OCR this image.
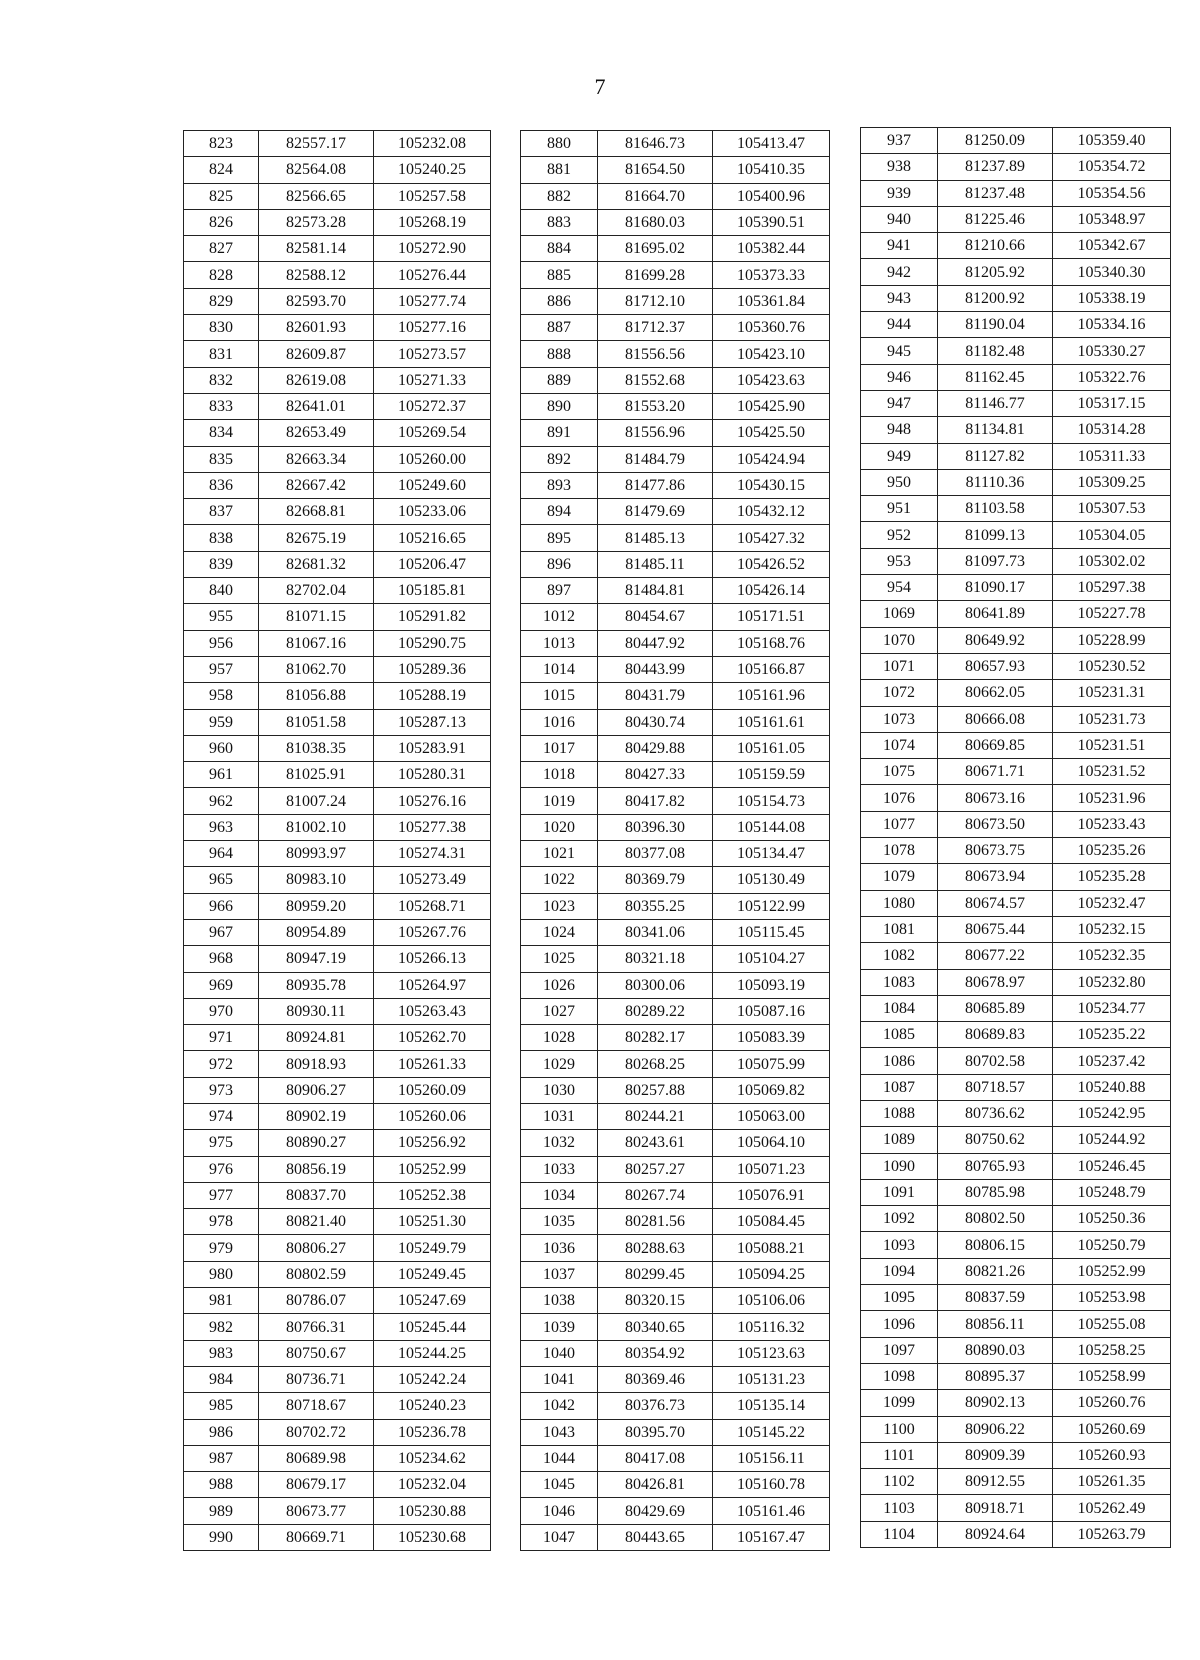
7
823	82557.17	105232.08
824	82564.08	105240.25
825	82566.65	105257.58
826	82573.28	105268.19
827	82581.14	105272.90
828	82588.12	105276.44
829	82593.70	105277.74
830	82601.93	105277.16
831	82609.87	105273.57
832	82619.08	105271.33
833	82641.01	105272.37
834	82653.49	105269.54
835	82663.34	105260.00
836	82667.42	105249.60
837	82668.81	105233.06
838	82675.19	105216.65
839	82681.32	105206.47
840	82702.04	105185.81
955	81071.15	105291.82
956	81067.16	105290.75
957	81062.70	105289.36
958	81056.88	105288.19
959	81051.58	105287.13
960	81038.35	105283.91
961	81025.91	105280.31
962	81007.24	105276.16
963	81002.10	105277.38
964	80993.97	105274.31
965	80983.10	105273.49
966	80959.20	105268.71
967	80954.89	105267.76
968	80947.19	105266.13
969	80935.78	105264.97
970	80930.11	105263.43
971	80924.81	105262.70
972	80918.93	105261.33
973	80906.27	105260.09
974	80902.19	105260.06
975	80890.27	105256.92
976	80856.19	105252.99
977	80837.70	105252.38
978	80821.40	105251.30
979	80806.27	105249.79
980	80802.59	105249.45
981	80786.07	105247.69
982	80766.31	105245.44
983	80750.67	105244.25
984	80736.71	105242.24
985	80718.67	105240.23
986	80702.72	105236.78
987	80689.98	105234.62
988	80679.17	105232.04
989	80673.77	105230.88
990	80669.71	105230.68
880	81646.73	105413.47
881	81654.50	105410.35
882	81664.70	105400.96
883	81680.03	105390.51
884	81695.02	105382.44
885	81699.28	105373.33
886	81712.10	105361.84
887	81712.37	105360.76
888	81556.56	105423.10
889	81552.68	105423.63
890	81553.20	105425.90
891	81556.96	105425.50
892	81484.79	105424.94
893	81477.86	105430.15
894	81479.69	105432.12
895	81485.13	105427.32
896	81485.11	105426.52
897	81484.81	105426.14
1012	80454.67	105171.51
1013	80447.92	105168.76
1014	80443.99	105166.87
1015	80431.79	105161.96
1016	80430.74	105161.61
1017	80429.88	105161.05
1018	80427.33	105159.59
1019	80417.82	105154.73
1020	80396.30	105144.08
1021	80377.08	105134.47
1022	80369.79	105130.49
1023	80355.25	105122.99
1024	80341.06	105115.45
1025	80321.18	105104.27
1026	80300.06	105093.19
1027	80289.22	105087.16
1028	80282.17	105083.39
1029	80268.25	105075.99
1030	80257.88	105069.82
1031	80244.21	105063.00
1032	80243.61	105064.10
1033	80257.27	105071.23
1034	80267.74	105076.91
1035	80281.56	105084.45
1036	80288.63	105088.21
1037	80299.45	105094.25
1038	80320.15	105106.06
1039	80340.65	105116.32
1040	80354.92	105123.63
1041	80369.46	105131.23
1042	80376.73	105135.14
1043	80395.70	105145.22
1044	80417.08	105156.11
1045	80426.81	105160.78
1046	80429.69	105161.46
1047	80443.65	105167.47
937	81250.09	105359.40
938	81237.89	105354.72
939	81237.48	105354.56
940	81225.46	105348.97
941	81210.66	105342.67
942	81205.92	105340.30
943	81200.92	105338.19
944	81190.04	105334.16
945	81182.48	105330.27
946	81162.45	105322.76
947	81146.77	105317.15
948	81134.81	105314.28
949	81127.82	105311.33
950	81110.36	105309.25
951	81103.58	105307.53
952	81099.13	105304.05
953	81097.73	105302.02
954	81090.17	105297.38
1069	80641.89	105227.78
1070	80649.92	105228.99
1071	80657.93	105230.52
1072	80662.05	105231.31
1073	80666.08	105231.73
1074	80669.85	105231.51
1075	80671.71	105231.52
1076	80673.16	105231.96
1077	80673.50	105233.43
1078	80673.75	105235.26
1079	80673.94	105235.28
1080	80674.57	105232.47
1081	80675.44	105232.15
1082	80677.22	105232.35
1083	80678.97	105232.80
1084	80685.89	105234.77
1085	80689.83	105235.22
1086	80702.58	105237.42
1087	80718.57	105240.88
1088	80736.62	105242.95
1089	80750.62	105244.92
1090	80765.93	105246.45
1091	80785.98	105248.79
1092	80802.50	105250.36
1093	80806.15	105250.79
1094	80821.26	105252.99
1095	80837.59	105253.98
1096	80856.11	105255.08
1097	80890.03	105258.25
1098	80895.37	105258.99
1099	80902.13	105260.76
1100	80906.22	105260.69
1101	80909.39	105260.93
1102	80912.55	105261.35
1103	80918.71	105262.49
1104	80924.64	105263.79
